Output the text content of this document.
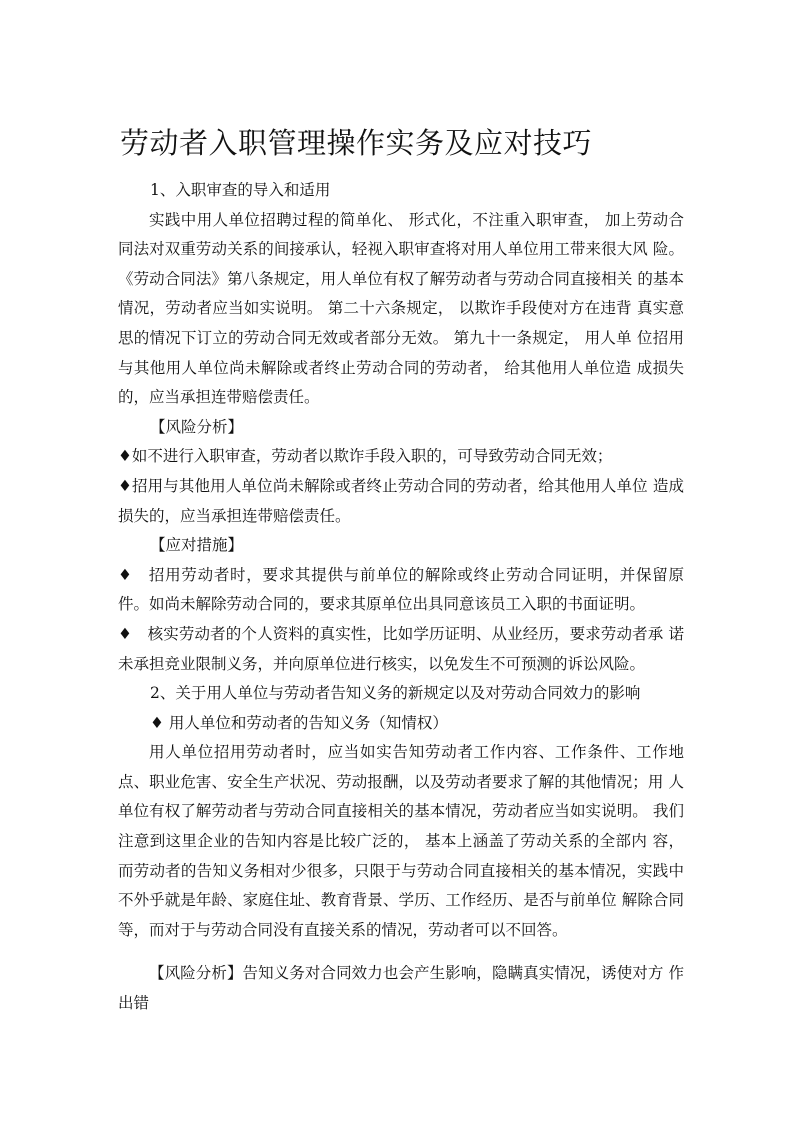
劳动者入职管理操作实务及应对技巧

1、入职审查的导入和适用

实践中用人单位招聘过程的简单化、 形式化，不注重入职审查， 加上劳动合 同法对双重劳动关系的间接承认，轻视入职审查将对用人单位用工带来很大风 险。《劳动合同法》第八条规定，用人单位有权了解劳动者与劳动合同直接相关 的基本情况，劳动者应当如实说明。 第二十六条规定， 以欺诈手段使对方在违背 真实意思的情况下订立的劳动合同无效或者部分无效。 第九十一条规定， 用人单 位招用与其他用人单位尚未解除或者终止劳动合同的劳动者， 给其他用人单位造 成损失的，应当承担连带赔偿责任。

【风险分析】

♦如不进行入职审查，劳动者以欺诈手段入职的，可导致劳动合同无效；

♦招用与其他用人单位尚未解除或者终止劳动合同的劳动者，给其他用人单位 造成损失的，应当承担连带赔偿责任。

【应对措施】

♦　招用劳动者时，要求其提供与前单位的解除或终止劳动合同证明，并保留原 件。如尚未解除劳动合同的，要求其原单位出具同意该员工入职的书面证明。

♦　核实劳动者的个人资料的真实性，比如学历证明、从业经历，要求劳动者承 诺未承担竞业限制义务，并向原单位进行核实，以免发生不可预测的诉讼风险。

2、关于用人单位与劳动者告知义务的新规定以及对劳动合同效力的影响

♦ 用人单位和劳动者的告知义务（知情权）

用人单位招用劳动者时，应当如实告知劳动者工作内容、工作条件、工作地点、职业危害、安全生产状况、劳动报酬，以及劳动者要求了解的其他情况；用 人单位有权了解劳动者与劳动合同直接相关的基本情况，劳动者应当如实说明。 我们注意到这里企业的告知内容是比较广泛的， 基本上涵盖了劳动关系的全部内 容，而劳动者的告知义务相对少很多，只限于与劳动合同直接相关的基本情况，实践中不外乎就是年龄、家庭住址、教育背景、学历、工作经历、是否与前单位 解除合同等，而对于与劳动合同没有直接关系的情况，劳动者可以不回答。

【风险分析】告知义务对合同效力也会产生影响，隐瞒真实情况，诱使对方 作出错
